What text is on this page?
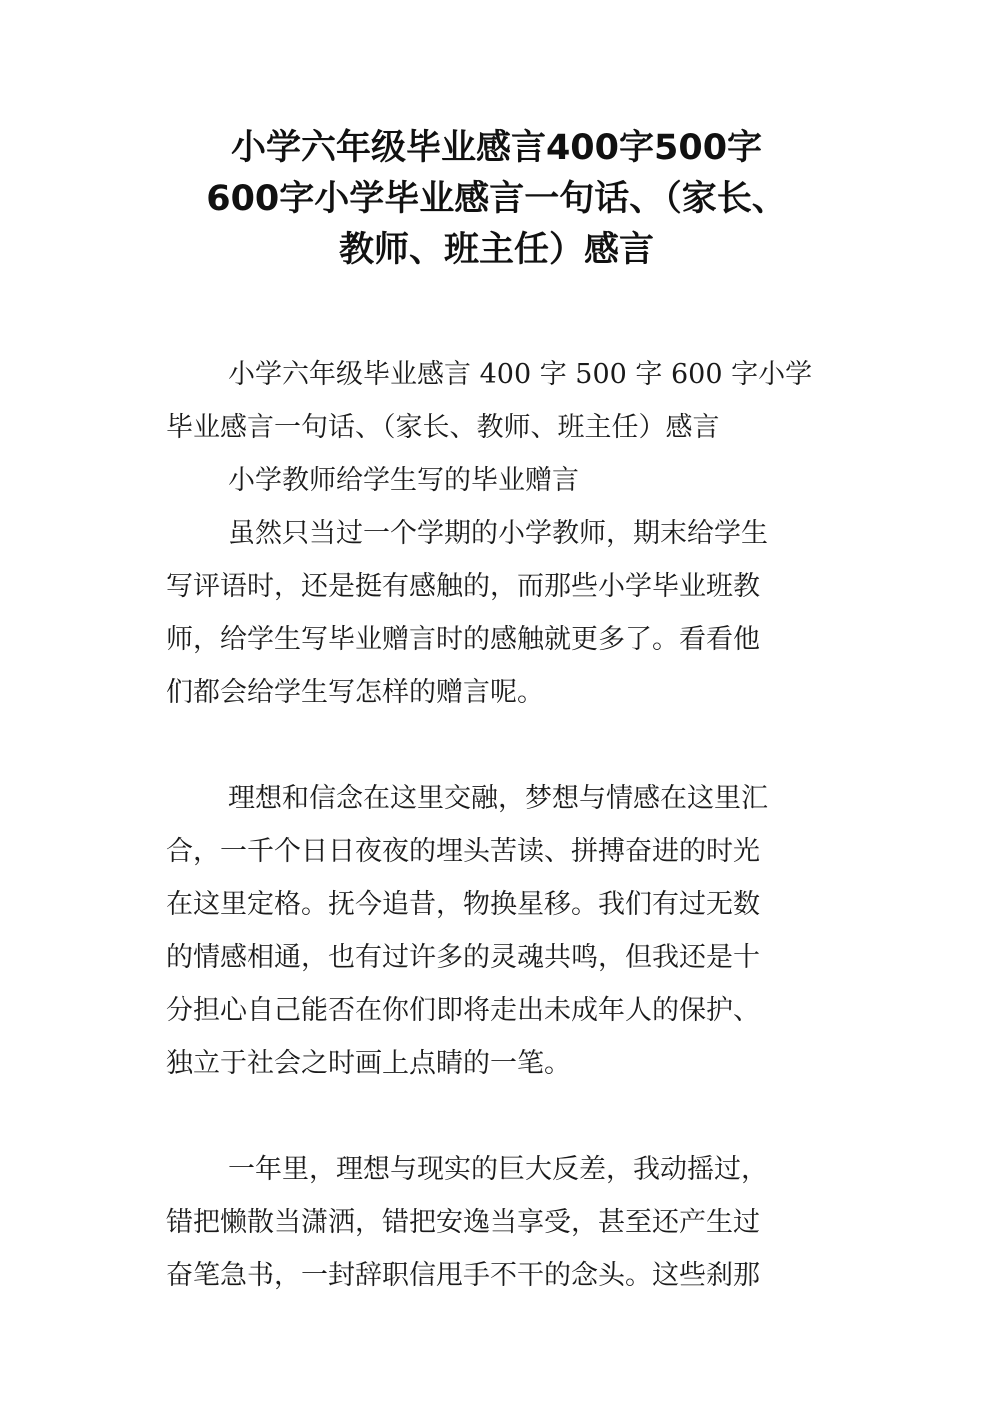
小学六年级毕业感言400字500字
600字小学毕业感言一句话、（家长、
教师、班主任）感言
小学六年级毕业感言 400 字 500 字 600 字小学
毕业感言一句话、（家长、教师、班主任）感言
小学教师给学生写的毕业赠言
虽然只当过一个学期的小学教师，期末给学生
写评语时，还是挺有感触的，而那些小学毕业班教
师，给学生写毕业赠言时的感触就更多了。看看他
们都会给学生写怎样的赠言呢。
理想和信念在这里交融，梦想与情感在这里汇
合，一千个日日夜夜的埋头苦读、拼搏奋进的时光
在这里定格。抚今追昔，物换星移。我们有过无数
的情感相通，也有过许多的灵魂共鸣，但我还是十
分担心自己能否在你们即将走出未成年人的保护、
独立于社会之时画上点睛的一笔。
一年里，理想与现实的巨大反差，我动摇过，
错把懒散当潇洒，错把安逸当享受，甚至还产生过
奋笔急书，一封辞职信甩手不干的念头。这些刹那
